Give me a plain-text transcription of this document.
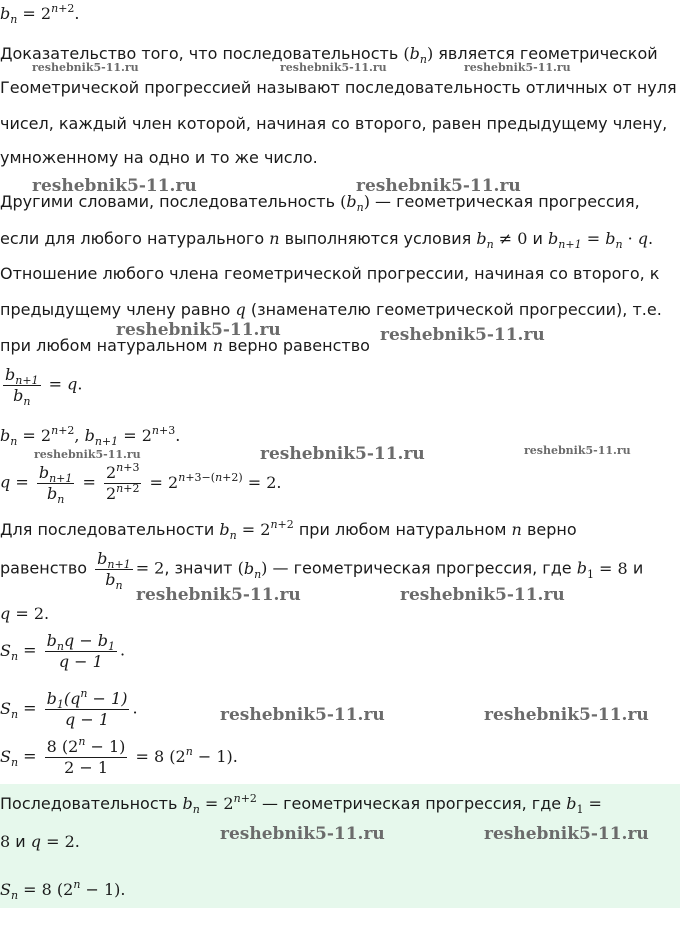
reshebnik5-11.ru	reshebnik5-11.ru	reshebnik5-11.ru
reshebnik5-11.ru	reshebnik5-11.ru
reshebnik5-11.ru	reshebnik5-11.ru
reshebnik5-11.ru	reshebnik5-11.ru	reshebnik5-11.ru
reshebnik5-11.ru	reshebnik5-11.ru
reshebnik5-11.ru	reshebnik5-11.ru
$b_n = 2^{n+2}$.
Доказательство того, что последовательность $(b_n)$ является геометрической
Геометрической прогрессией называют последовательность отличных от нуля
чисел, каждый член которой, начиная со второго, равен предыдущему члену,
умноженному на одно и то же число.
Другими словами, последовательность $(b_n)$ — геометрическая прогрессия,
если для любого натурального n выполняются условия $b_n \ne 0$ и $b_{n+1} = b_n \cdot q$.
Отношение любого члена геометрической прогрессии, начиная со второго, к
предыдущему члену равно q (знаменателю геометрической прогрессии), т.е.
при любом натуральном n верно равенство
$\frac{b_{n+1}}{b_n} = q$.
$b_n = 2^{n+2}$, $b_{n+1} = 2^{n+3}$.
$q = \frac{b_{n+1}}{b_n} = \frac{2^{n+3}}{2^{n+2}} = 2^{n+3-(n+2)} = 2$.
Для последовательности $b_n = 2^{n+2}$ при любом натуральном n верно
равенство $\frac{b_{n+1}}{b_n} = 2$, значит $(b_n)$ — геометрическая прогрессия, где $b_1 = 8$ и
q = 2.
$S_n = \frac{b_nq - b_1}{q - 1}$ .
$S_n = \frac{b_1(q^n - 1)}{q - 1}$ .
$S_n = \frac{8 (2^n - 1)}{2 - 1} = 8$ $(2^n - 1)$.
Последовательность $b_n = 2^{n+2}$ — геометрическая прогрессия, где $b_1$ =
8 и q = 2.	reshebnik5-11.ru	reshebnik5-11.ru
$S_n = 8$ $(2^n - 1)$.
